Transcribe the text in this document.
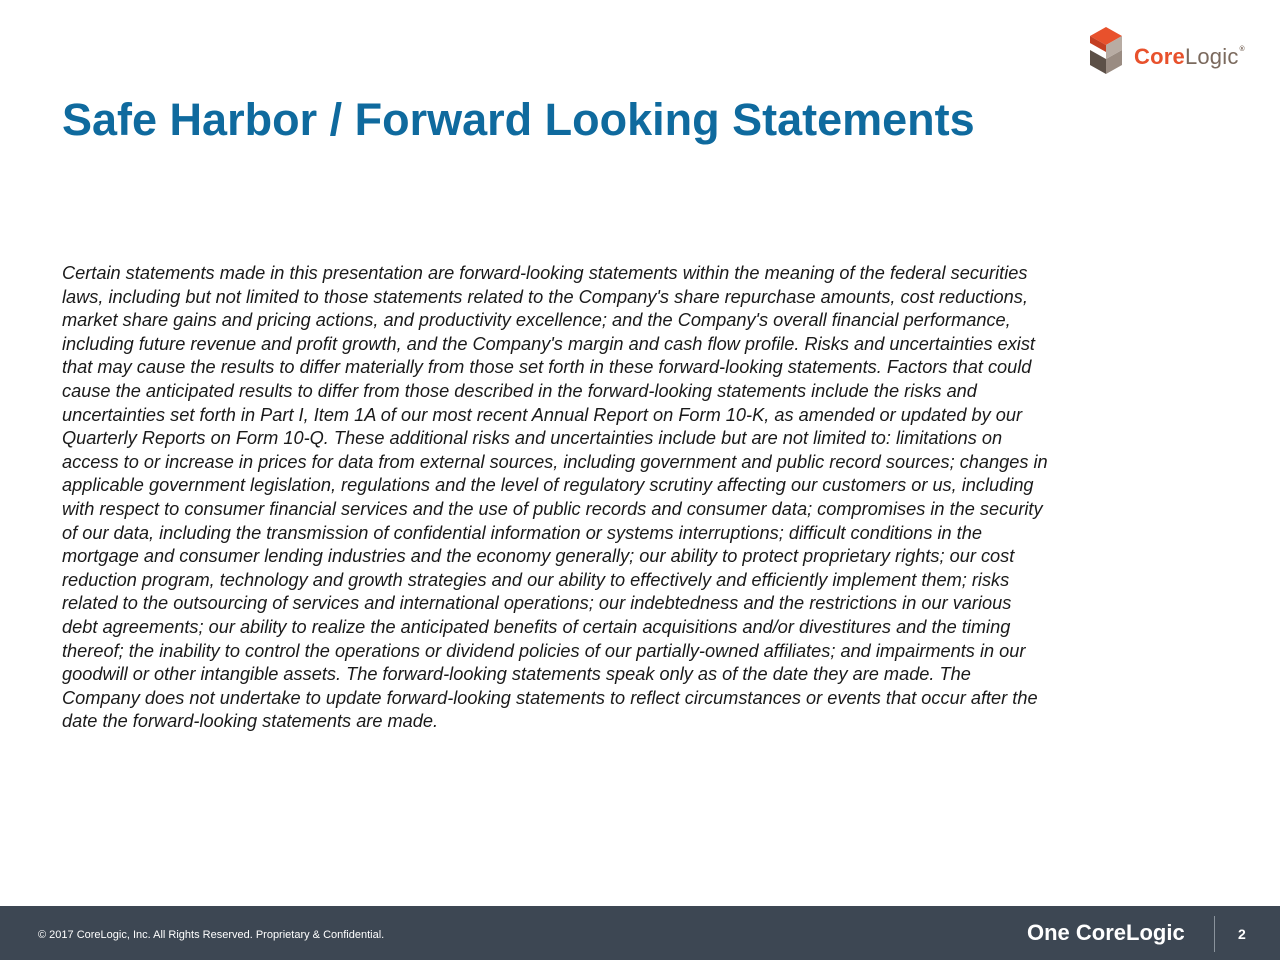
CoreLogic®
Safe Harbor / Forward Looking Statements
Certain statements made in this presentation are forward-looking statements within the meaning of the federal securities
laws, including but not limited to those statements related to the Company's share repurchase amounts, cost reductions,
market share gains and pricing actions, and productivity excellence; and the Company's overall financial performance,
including future revenue and profit growth, and the Company's margin and cash flow profile. Risks and uncertainties exist
that may cause the results to differ materially from those set forth in these forward-looking statements. Factors that could
cause the anticipated results to differ from those described in the forward-looking statements include the risks and
uncertainties set forth in Part I, Item 1A of our most recent Annual Report on Form 10-K, as amended or updated by our
Quarterly Reports on Form 10-Q. These additional risks and uncertainties include but are not limited to: limitations on
access to or increase in prices for data from external sources, including government and public record sources; changes in
applicable government legislation, regulations and the level of regulatory scrutiny affecting our customers or us, including
with respect to consumer financial services and the use of public records and consumer data; compromises in the security
of our data, including the transmission of confidential information or systems interruptions; difficult conditions in the
mortgage and consumer lending industries and the economy generally; our ability to protect proprietary rights; our cost
reduction program, technology and growth strategies and our ability to effectively and efficiently implement them; risks
related to the outsourcing of services and international operations; our indebtedness and the restrictions in our various
debt agreements; our ability to realize the anticipated benefits of certain acquisitions and/or divestitures and the timing
thereof; the inability to control the operations or dividend policies of our partially-owned affiliates; and impairments in our
goodwill or other intangible assets. The forward-looking statements speak only as of the date they are made. The
Company does not undertake to update forward-looking statements to reflect circumstances or events that occur after the
date the forward-looking statements are made.
© 2017 CoreLogic, Inc. All Rights Reserved. Proprietary & Confidential.	One CoreLogic	2
